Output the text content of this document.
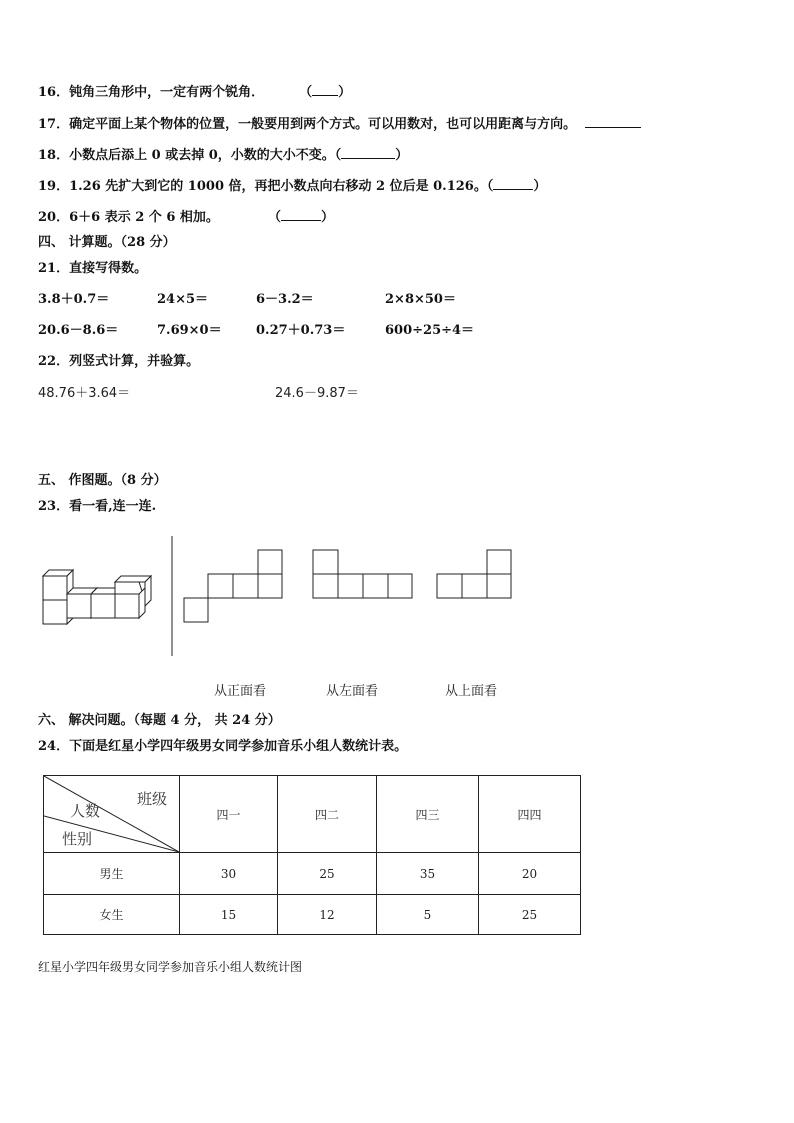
16．钝角三角形中，一定有两个锐角．	（ ）
17．确定平面上某个物体的位置，一般要用到两个方式。可以用数对，也可以用距离与方向。
18．小数点后添上 0 或去掉 0，小数的大小不变。（	）
19．1.26 先扩大到它的 1000 倍，再把小数点向右移动 2 位后是 0.126。（	）
20．6＋6 表示 2 个 6 相加。	（	）
四、 计算题。（28 分）
21．直接写得数。
3.8＋0.7＝	24×5＝	6－3.2＝	2×8×50＝
20.6－8.6＝	7.69×0＝	0.27＋0.73＝	600÷25÷4＝
22．列竖式计算，并验算。
48.76＋3.64＝	24.6－9.87＝
五、 作图题。（8 分）
23．看一看,连一连.
从正面看	从左面看	从上面看
六、 解决问题。（每题 4 分， 共 24 分）
24．下面是红星小学四年级男女同学参加音乐小组人数统计表。
班级
人数
性别	四一	四二	四三	四四
男生	30	25	35	20
女生	15	12	5	25
红星小学四年级男女同学参加音乐小组人数统计图
